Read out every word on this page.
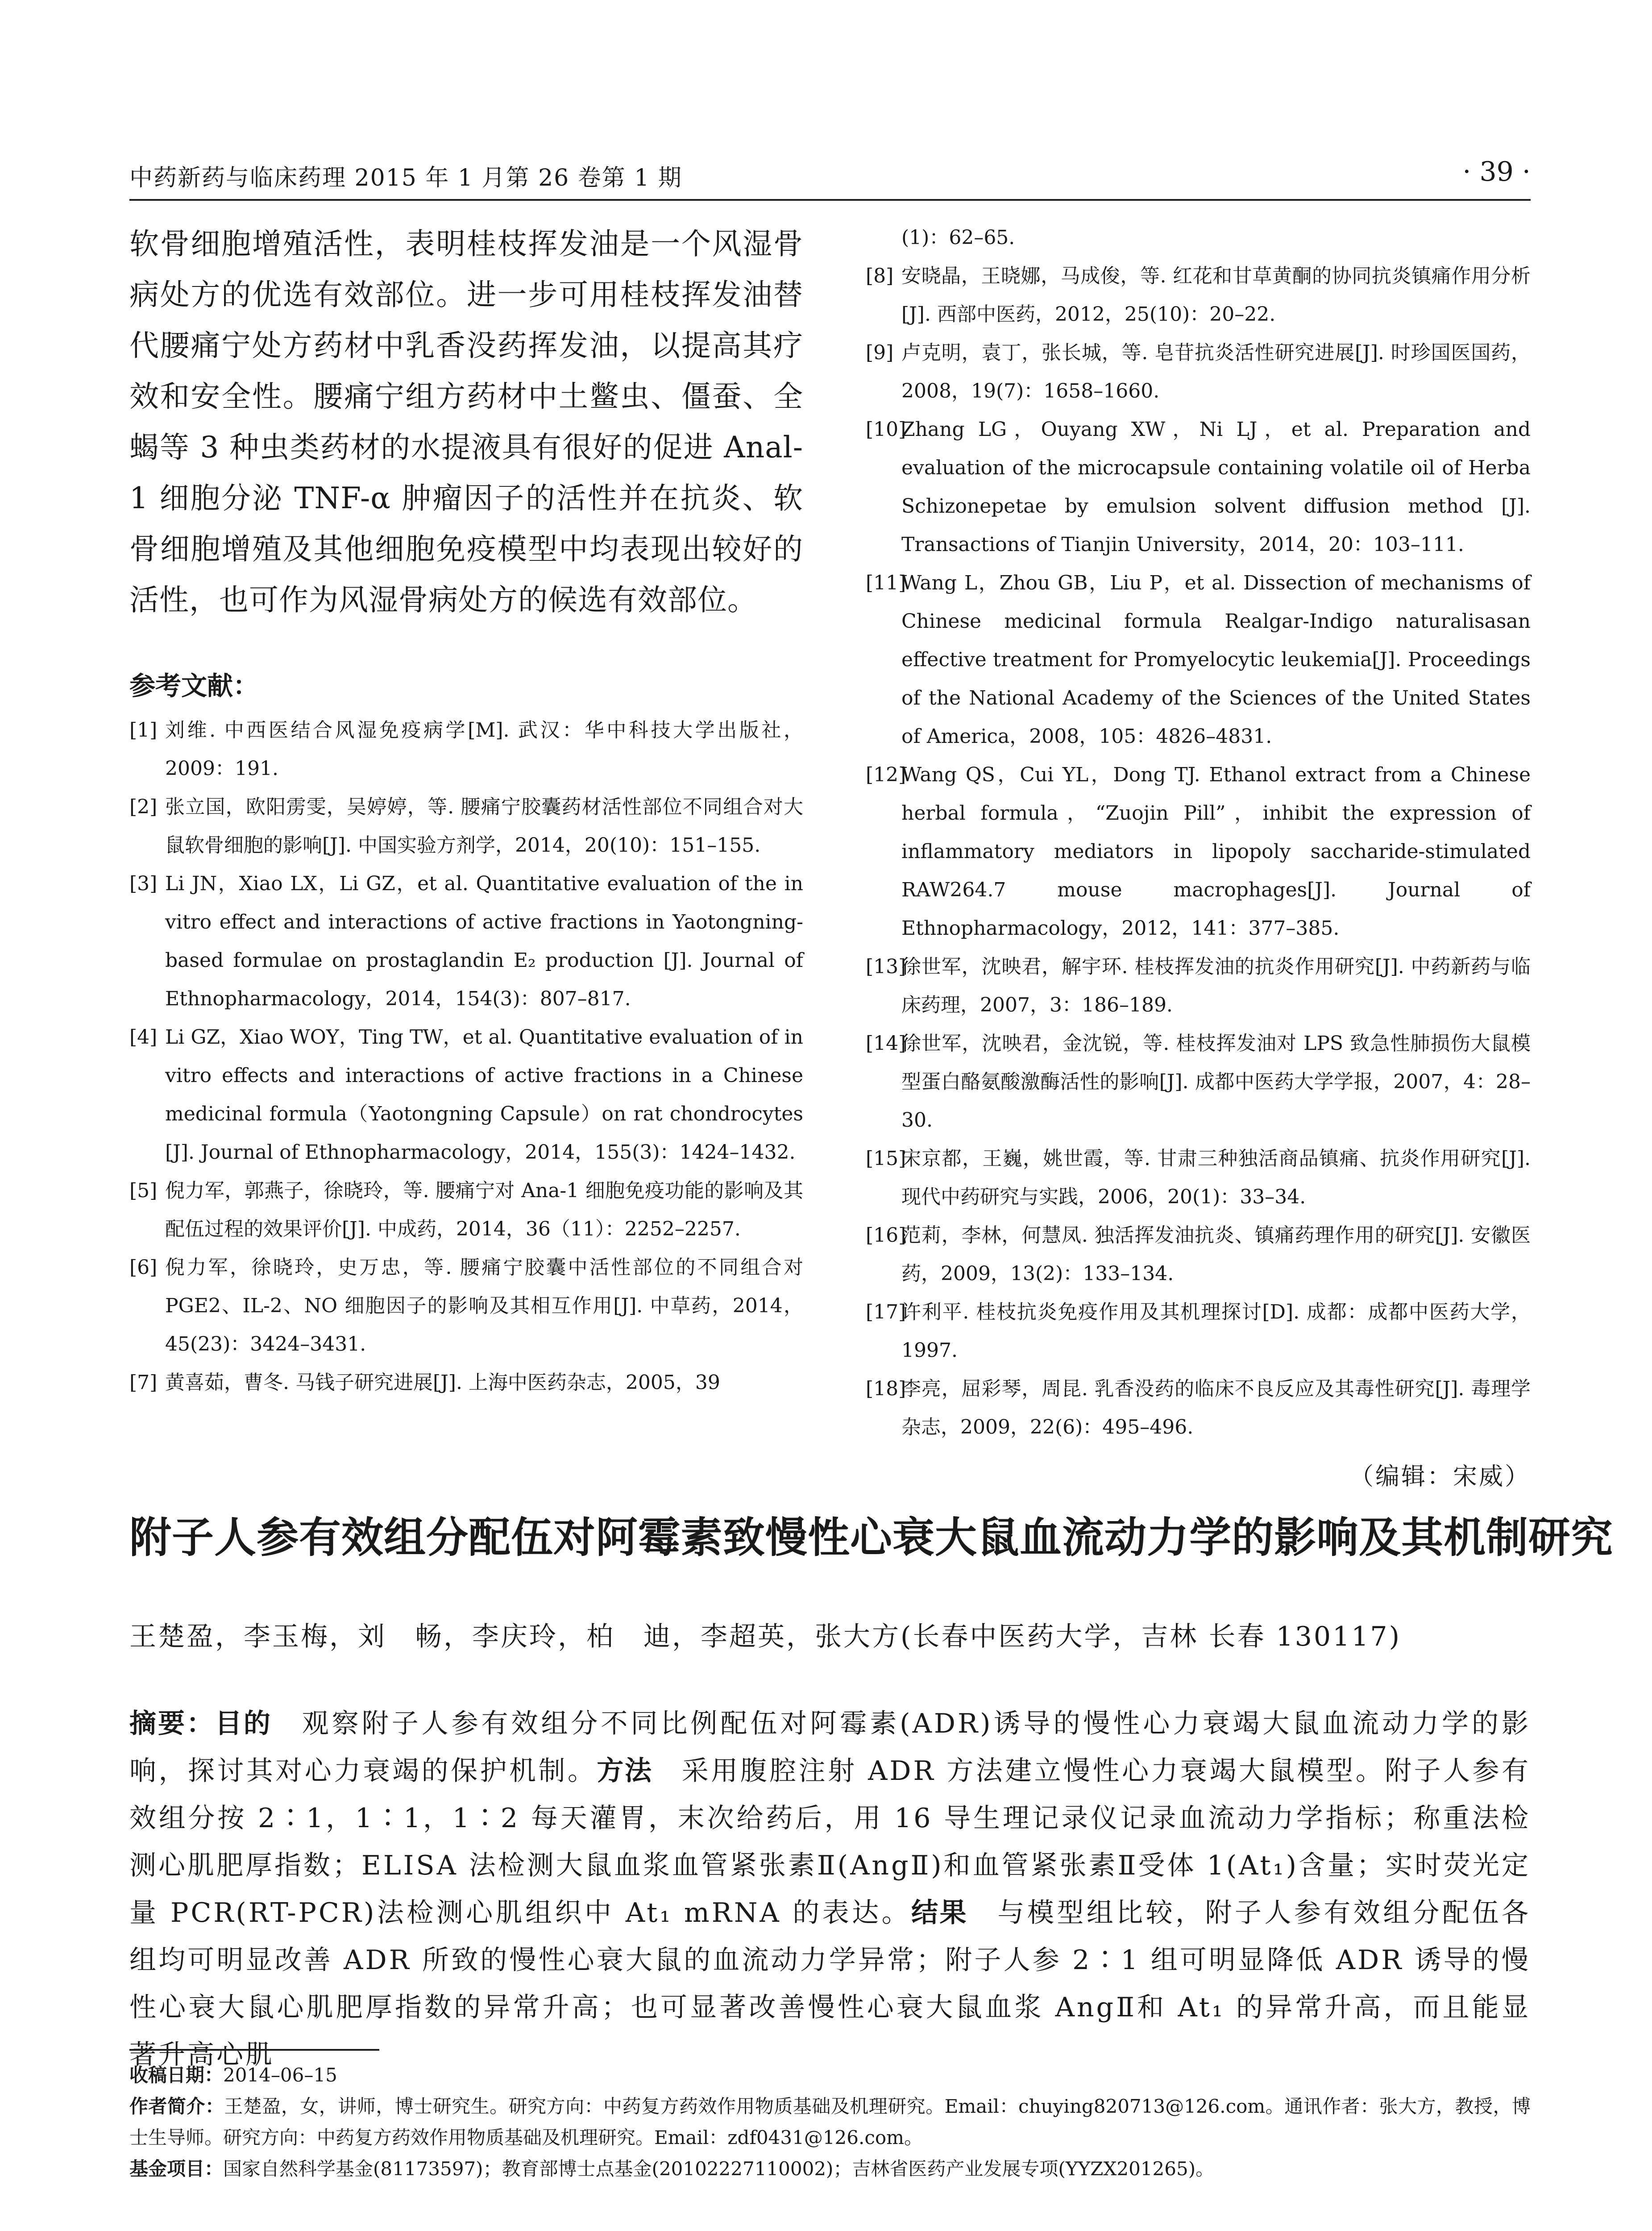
中药新药与临床药理 2015 年 1 月第 26 卷第 1 期	· 39 ·

软骨细胞增殖活性，表明桂枝挥发油是一个风湿骨病处方的优选有效部位。进一步可用桂枝挥发油替代腰痛宁处方药材中乳香没药挥发油，以提高其疗效和安全性。腰痛宁组方药材中土鳖虫、僵蚕、全蝎等 3 种虫类药材的水提液具有很好的促进 Anal-1 细胞分泌 TNF-α 肿瘤因子的活性并在抗炎、软骨细胞增殖及其他细胞免疫模型中均表现出较好的活性，也可作为风湿骨病处方的候选有效部位。

参考文献：
[1] 刘维. 中西医结合风湿免疫病学[M]. 武汉：华中科技大学出版社，2009：191.
[2] 张立国，欧阳雳雯，吴婷婷，等. 腰痛宁胶囊药材活性部位不同组合对大鼠软骨细胞的影响[J]. 中国实验方剂学，2014，20(10)：151–155.
[3] Li JN，Xiao LX，Li GZ，et al. Quantitative evaluation of the in vitro effect and interactions of active fractions in Yaotongning-based formulae on prostaglandin E₂ production [J]. Journal of Ethnopharmacology，2014，154(3)：807–817.
[4] Li GZ，Xiao WOY，Ting TW，et al. Quantitative evaluation of in vitro effects and interactions of active fractions in a Chinese medicinal formula（Yaotongning Capsule）on rat chondrocytes [J]. Journal of Ethnopharmacology，2014，155(3)：1424–1432.
[5] 倪力军，郭燕子，徐晓玲，等. 腰痛宁对 Ana-1 细胞免疫功能的影响及其配伍过程的效果评价[J]. 中成药，2014，36（11）：2252–2257.
[6] 倪力军，徐晓玲，史万忠，等. 腰痛宁胶囊中活性部位的不同组合对 PGE2、IL-2、NO 细胞因子的影响及其相互作用[J]. 中草药，2014，45(23)：3424–3431.
[7] 黄喜茹，曹冬. 马钱子研究进展[J]. 上海中医药杂志，2005，39
(1)：62–65.
[8] 安晓晶，王晓娜，马成俊，等. 红花和甘草黄酮的协同抗炎镇痛作用分析[J]. 西部中医药，2012，25(10)：20–22.
[9] 卢克明，袁丁，张长城，等. 皂苷抗炎活性研究进展[J]. 时珍国医国药，2008，19(7)：1658–1660.
[10]
Zhang LG，Ouyang XW，Ni LJ，et al. Preparation and evaluation of the microcapsule containing volatile oil of Herba Schizonepetae by emulsion solvent diffusion method [J]. Transactions of Tianjin University，2014，20：103–111.
[11]
Wang L，Zhou GB，Liu P，et al. Dissection of mechanisms of Chinese medicinal formula Realgar-Indigo naturalisasan effective treatment for Promyelocytic leukemia[J]. Proceedings of the National Academy of the Sciences of the United States of America，2008，105：4826–4831.
[12]
Wang QS，Cui YL，Dong TJ. Ethanol extract from a Chinese herbal formula，“Zuojin Pill”，inhibit the expression of inflammatory mediators in lipopoly saccharide-stimulated RAW264.7 mouse macrophages[J]. Journal of Ethnopharmacology，2012，141：377–385.
[13]
徐世军，沈映君，解宇环. 桂枝挥发油的抗炎作用研究[J]. 中药新药与临床药理，2007，3：186–189.
[14]
徐世军，沈映君，金沈锐，等. 桂枝挥发油对 LPS 致急性肺损伤大鼠模型蛋白酪氨酸激酶活性的影响[J]. 成都中医药大学学报，2007，4：28–30.
[15]
宋京都，王巍，姚世霞，等. 甘肃三种独活商品镇痛、抗炎作用研究[J]. 现代中药研究与实践，2006，20(1)：33–34.
[16]
范莉，李林，何慧凤. 独活挥发油抗炎、镇痛药理作用的研究[J]. 安徽医药，2009，13(2)：133–134.
[17]
许利平. 桂枝抗炎免疫作用及其机理探讨[D]. 成都：成都中医药大学，1997.
[18]
李亮，屈彩琴，周昆. 乳香没药的临床不良反应及其毒性研究[J]. 毒理学杂志，2009，22(6)：495–496.
（编辑：宋威）
附子人参有效组分配伍对阿霉素致慢性心衰大鼠血流动力学的影响及其机制研究
王楚盈，李玉梅，刘　畅，李庆玲，柏　迪，李超英，张大方(长春中医药大学，吉林 长春 130117)
摘要：目的　观察附子人参有效组分不同比例配伍对阿霉素(ADR)诱导的慢性心力衰竭大鼠血流动力学的影响，探讨其对心力衰竭的保护机制。方法　采用腹腔注射 ADR 方法建立慢性心力衰竭大鼠模型。附子人参有效组分按 2∶1，1∶1，1∶2 每天灌胃，末次给药后，用 16 导生理记录仪记录血流动力学指标；称重法检测心肌肥厚指数；ELISA 法检测大鼠血浆血管紧张素Ⅱ(AngⅡ)和血管紧张素Ⅱ受体 1(At₁)含量；实时荧光定量 PCR(RT-PCR)法检测心肌组织中 At₁ mRNA 的表达。结果　与模型组比较，附子人参有效组分配伍各组均可明显改善 ADR 所致的慢性心衰大鼠的血流动力学异常；附子人参 2∶1 组可明显降低 ADR 诱导的慢性心衰大鼠心肌肥厚指数的异常升高；也可显著改善慢性心衰大鼠血浆 AngⅡ和 At₁ 的异常升高，而且能显著升高心肌
收稿日期：2014–06–15
作者简介：王楚盈，女，讲师，博士研究生。研究方向：中药复方药效作用物质基础及机理研究。Email：chuying820713@126.com。通讯作者：张大方，教授，博士生导师。研究方向：中药复方药效作用物质基础及机理研究。Email：zdf0431@126.com。
基金项目：国家自然科学基金(81173597)；教育部博士点基金(20102227110002)；吉林省医药产业发展专项(YYZX201265)。
